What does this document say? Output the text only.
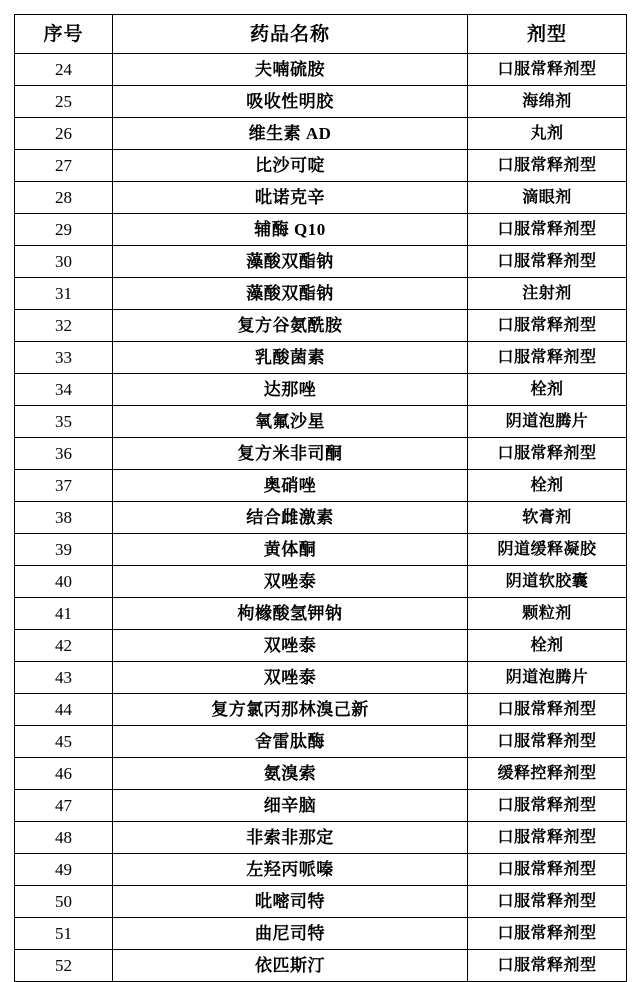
序号	药品名称	剂型
24	夫喃硫胺	口服常释剂型
25	吸收性明胶	海绵剂
26	维生素 AD	丸剂
27	比沙可啶	口服常释剂型
28	吡诺克辛	滴眼剂
29	辅酶 Q10	口服常释剂型
30	藻酸双酯钠	口服常释剂型
31	藻酸双酯钠	注射剂
32	复方谷氨酰胺	口服常释剂型
33	乳酸菌素	口服常释剂型
34	达那唑	栓剂
35	氧氟沙星	阴道泡腾片
36	复方米非司酮	口服常释剂型
37	奥硝唑	栓剂
38	结合雌激素	软膏剂
39	黄体酮	阴道缓释凝胶
40	双唑泰	阴道软胶囊
41	枸橼酸氢钾钠	颗粒剂
42	双唑泰	栓剂
43	双唑泰	阴道泡腾片
44	复方氯丙那林溴己新	口服常释剂型
45	舍雷肽酶	口服常释剂型
46	氨溴索	缓释控释剂型
47	细辛脑	口服常释剂型
48	非索非那定	口服常释剂型
49	左羟丙哌嗪	口服常释剂型
50	吡嘧司特	口服常释剂型
51	曲尼司特	口服常释剂型
52	依匹斯汀	口服常释剂型
